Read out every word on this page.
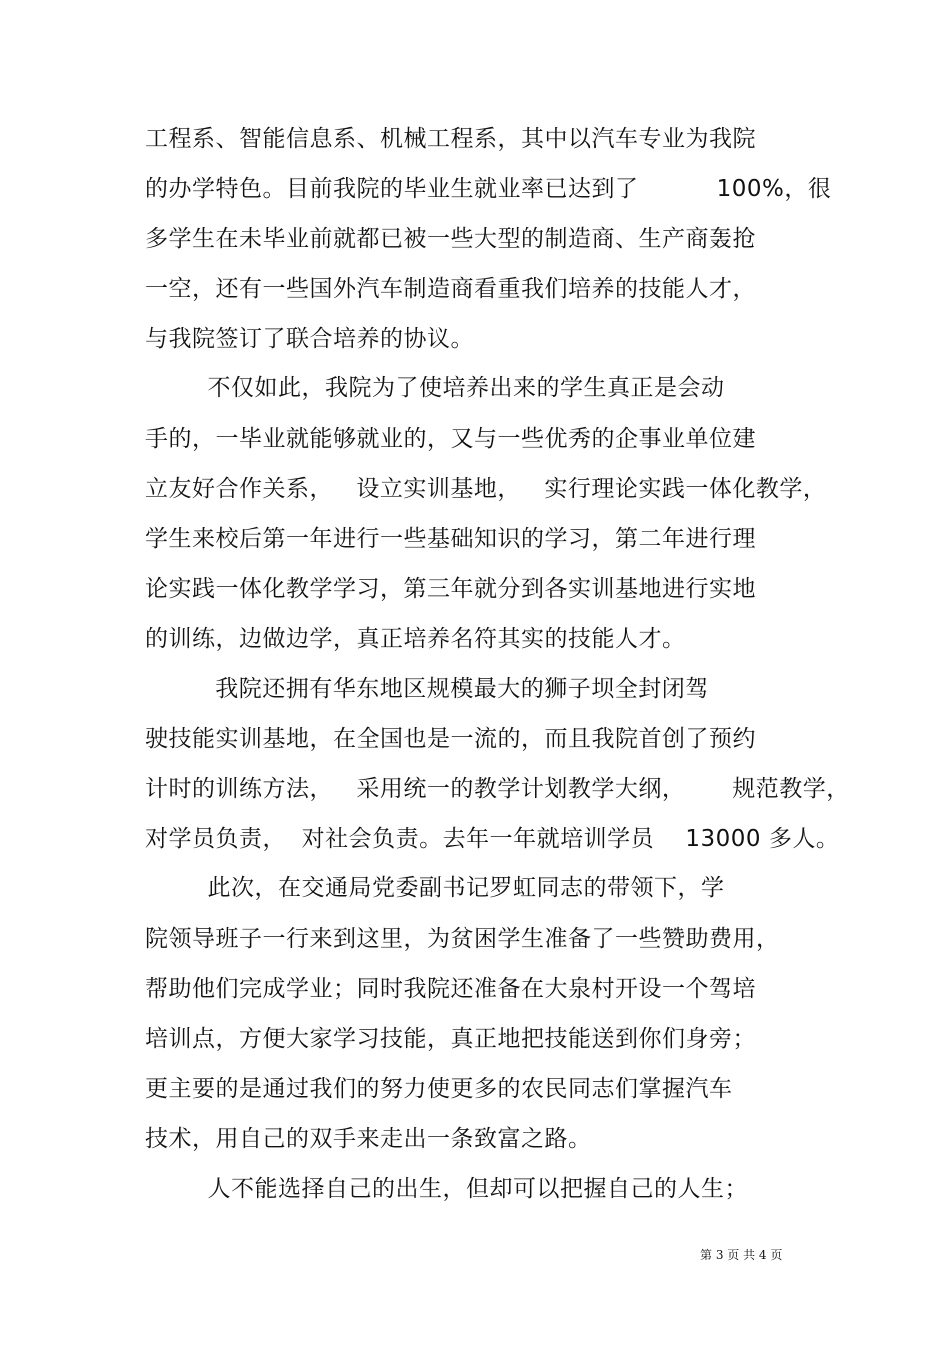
工程系、智能信息系、机械工程系，其中以汽车专业为我院
的办学特色。目前我院的毕业生就业率已达到了          100%，很
多学生在未毕业前就都已被一些大型的制造商、生产商轰抢
一空，还有一些国外汽车制造商看重我们培养的技能人才，
与我院签订了联合培养的协议。
不仅如此，我院为了使培养出来的学生真正是会动
手的，一毕业就能够就业的，又与一些优秀的企事业单位建
立友好合作关系，   设立实训基地，   实行理论实践一体化教学，
学生来校后第一年进行一些基础知识的学习，第二年进行理
论实践一体化教学学习，第三年就分到各实训基地进行实地
的训练，边做边学，真正培养名符其实的技能人才。
我院还拥有华东地区规模最大的狮子坝全封闭驾
驶技能实训基地，在全国也是一流的，而且我院首创了预约
计时的训练方法，   采用统一的教学计划教学大纲，      规范教学，
对学员负责，  对社会负责。去年一年就培训学员    13000 多人。
此次，在交通局党委副书记罗虹同志的带领下，学
院领导班子一行来到这里，为贫困学生准备了一些赞助费用，
帮助他们完成学业；同时我院还准备在大泉村开设一个驾培
培训点，方便大家学习技能，真正地把技能送到你们身旁；
更主要的是通过我们的努力使更多的农民同志们掌握汽车
技术，用自己的双手来走出一条致富之路。
人不能选择自己的出生，但却可以把握自己的人生；
第 3 页 共 4 页
